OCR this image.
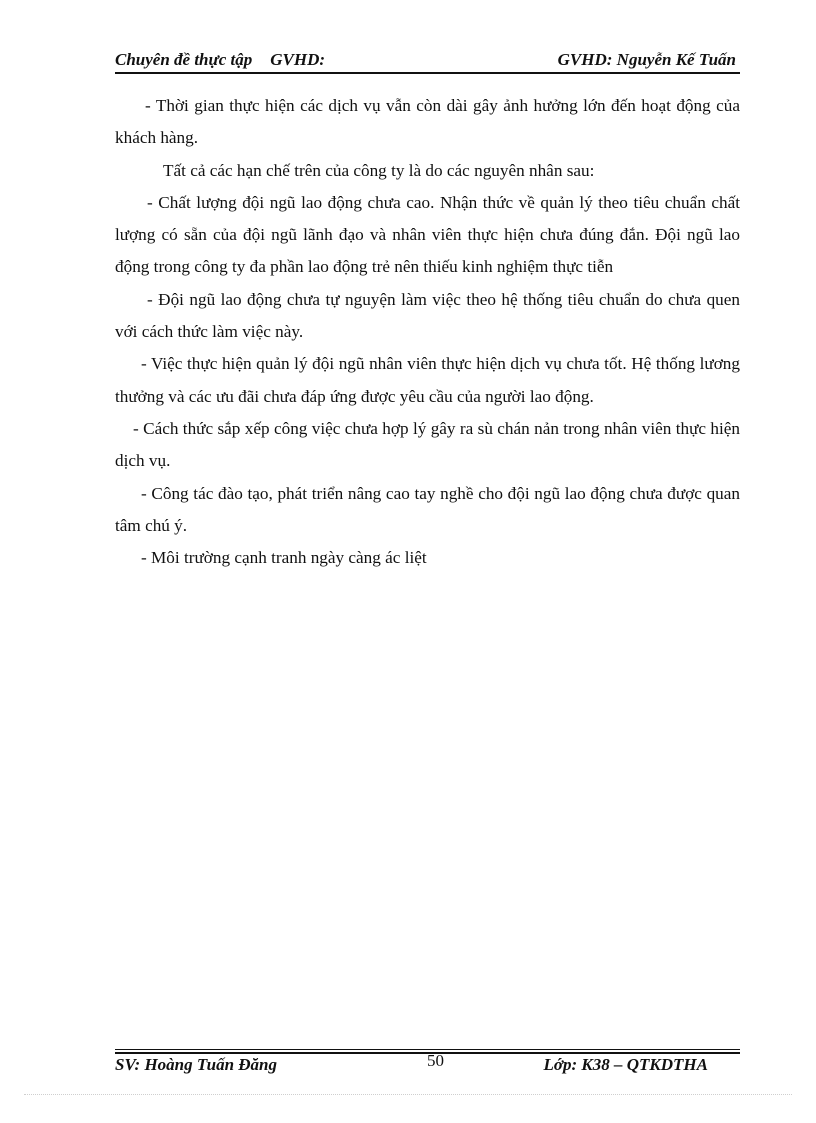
Chuyên đề thực tập GVHD:	GVHD: Nguyễn Kế Tuấn

- Thời gian thực hiện các dịch vụ vẫn còn dài gây ảnh hưởng lớn đến hoạt động của khách hàng.

Tất cả các hạn chế trên của công ty là do các nguyên nhân sau:

- Chất lượng đội ngũ lao động chưa cao. Nhận thức về quản lý theo tiêu chuẩn chất lượng có sẵn của đội ngũ lãnh đạo và nhân viên thực hiện chưa đúng đắn. Đội ngũ lao động trong công ty đa phần lao động trẻ nên thiếu kinh nghiệm thực tiễn

- Đội ngũ lao động chưa tự nguyện làm việc theo hệ thống tiêu chuẩn do chưa quen với cách thức làm việc này.

- Việc thực hiện quản lý đội ngũ nhân viên thực hiện dịch vụ chưa tốt. Hệ thống lương thưởng và các ưu đãi chưa đáp ứng được yêu cầu của người lao động.

- Cách thức sắp xếp công việc chưa hợp lý gây ra sù chán nản trong nhân viên thực hiện dịch vụ.

- Công tác đào tạo, phát triển nâng cao tay nghề cho đội ngũ lao động chưa được quan tâm chú ý.

- Môi trường cạnh tranh ngày càng ác liệt

SV: Hoàng Tuấn Đăng	50	Lớp: K38 – QTKDTHA
